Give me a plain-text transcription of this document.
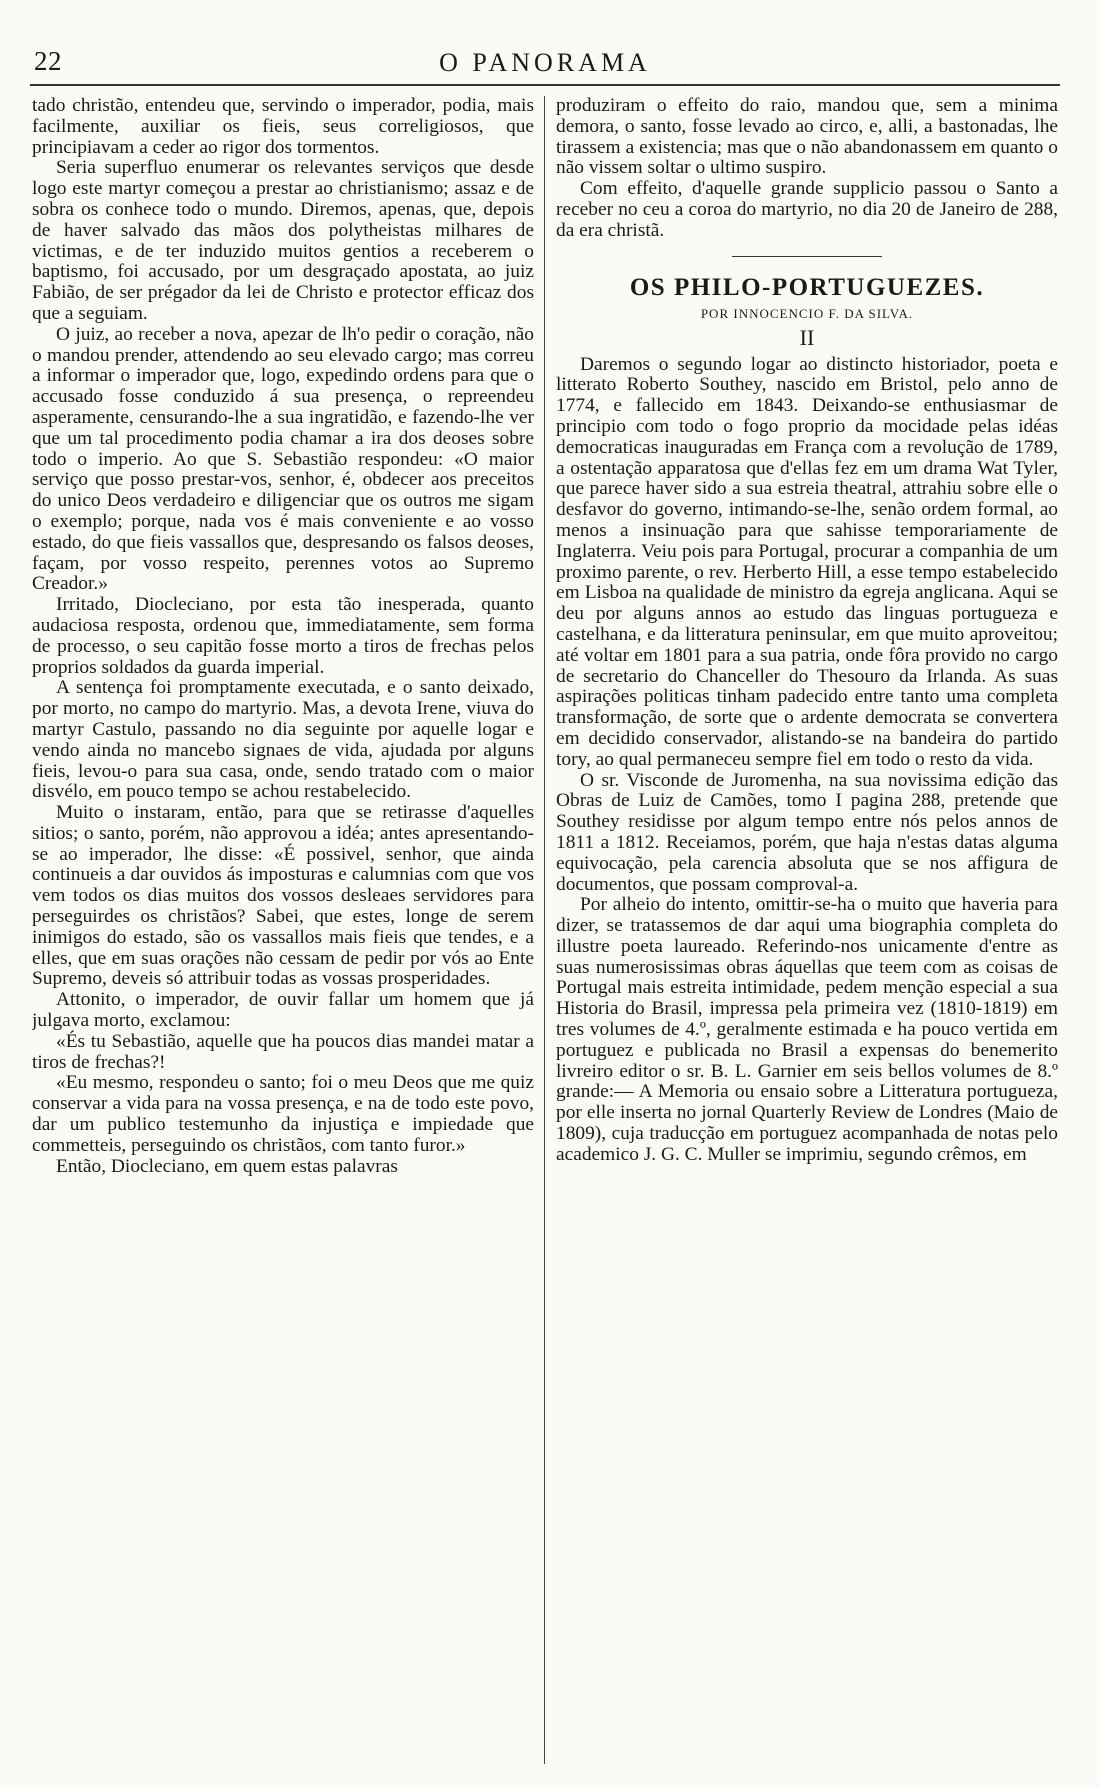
22	O PANORAMA

tado christão, entendeu que, servindo o imperador, podia, mais facilmente, auxiliar os fieis, seus correligiosos, que principiavam a ceder ao rigor dos tormentos.

Seria superfluo enumerar os relevantes serviços que desde logo este martyr começou a prestar ao christianismo; assaz e de sobra os conhece todo o mundo. Diremos, apenas, que, depois de haver salvado das mãos dos polytheistas milhares de victimas, e de ter induzido muitos gentios a receberem o baptismo, foi accusado, por um desgraçado apostata, ao juiz Fabião, de ser prégador da lei de Christo e protector efficaz dos que a seguiam.

O juiz, ao receber a nova, apezar de lh'o pedir o coração, não o mandou prender, attendendo ao seu elevado cargo; mas correu a informar o imperador que, logo, expedindo ordens para que o accusado fosse conduzido á sua presença, o repreendeu asperamente, censurando-lhe a sua ingratidão, e fazendo-lhe ver que um tal procedimento podia chamar a ira dos deoses sobre todo o imperio. Ao que S. Sebastião respondeu: «O maior serviço que posso prestar-vos, senhor, é, obdecer aos preceitos do unico Deos verdadeiro e diligenciar que os outros me sigam o exemplo; porque, nada vos é mais conveniente e ao vosso estado, do que fieis vassallos que, despresando os falsos deoses, façam, por vosso respeito, perennes votos ao Supremo Creador.»

Irritado, Diocleciano, por esta tão inesperada, quanto audaciosa resposta, ordenou que, immediatamente, sem forma de processo, o seu capitão fosse morto a tiros de frechas pelos proprios soldados da guarda imperial.

A sentença foi promptamente executada, e o santo deixado, por morto, no campo do martyrio. Mas, a devota Irene, viuva do martyr Castulo, passando no dia seguinte por aquelle logar e vendo ainda no mancebo signaes de vida, ajudada por alguns fieis, levou-o para sua casa, onde, sendo tratado com o maior disvélo, em pouco tempo se achou restabelecido.

Muito o instaram, então, para que se retirasse d'aquelles sitios; o santo, porém, não approvou a idéa; antes apresentando-se ao imperador, lhe disse: «É possivel, senhor, que ainda continueis a dar ouvidos ás imposturas e calumnias com que vos vem todos os dias muitos dos vossos desleaes servidores para perseguirdes os christãos? Sabei, que estes, longe de serem inimigos do estado, são os vassallos mais fieis que tendes, e a elles, que em suas orações não cessam de pedir por vós ao Ente Supremo, deveis só attribuir todas as vossas prosperidades.

Attonito, o imperador, de ouvir fallar um homem que já julgava morto, exclamou:

«És tu Sebastião, aquelle que ha poucos dias mandei matar a tiros de frechas?!

«Eu mesmo, respondeu o santo; foi o meu Deos que me quiz conservar a vida para na vossa presença, e na de todo este povo, dar um publico testemunho da injustiça e impiedade que commetteis, perseguindo os christãos, com tanto furor.»

Então, Diocleciano, em quem estas palavras

produziram o effeito do raio, mandou que, sem a minima demora, o santo, fosse levado ao circo, e, alli, a bastonadas, lhe tirassem a existencia; mas que o não abandonassem em quanto o não vissem soltar o ultimo suspiro.

Com effeito, d'aquelle grande supplicio passou o Santo a receber no ceu a coroa do martyrio, no dia 20 de Janeiro de 288, da era christã.

OS PHILO-PORTUGUEZES.
POR INNOCENCIO F. DA SILVA.
II

Daremos o segundo logar ao distincto historiador, poeta e litterato Roberto Southey, nascido em Bristol, pelo anno de 1774, e fallecido em 1843. Deixando-se enthusiasmar de principio com todo o fogo proprio da mocidade pelas idéas democraticas inauguradas em França com a revolução de 1789, a ostentação apparatosa que d'ellas fez em um drama Wat Tyler, que parece haver sido a sua estreia theatral, attrahiu sobre elle o desfavor do governo, intimando-se-lhe, senão ordem formal, ao menos a insinuação para que sahisse temporariamente de Inglaterra. Veiu pois para Portugal, procurar a companhia de um proximo parente, o rev. Herberto Hill, a esse tempo estabelecido em Lisboa na qualidade de ministro da egreja anglicana. Aqui se deu por alguns annos ao estudo das linguas portugueza e castelhana, e da litteratura peninsular, em que muito aproveitou; até voltar em 1801 para a sua patria, onde fôra provido no cargo de secretario do Chanceller do Thesouro da Irlanda. As suas aspirações politicas tinham padecido entre tanto uma completa transformação, de sorte que o ardente democrata se convertera em decidido conservador, alistando-se na bandeira do partido tory, ao qual permaneceu sempre fiel em todo o resto da vida.

O sr. Visconde de Juromenha, na sua novissima edição das Obras de Luiz de Camões, tomo I pagina 288, pretende que Southey residisse por algum tempo entre nós pelos annos de 1811 a 1812. Receiamos, porém, que haja n'estas datas alguma equivocação, pela carencia absoluta que se nos affigura de documentos, que possam comproval-a.

Por alheio do intento, omittir-se-ha o muito que haveria para dizer, se tratassemos de dar aqui uma biographia completa do illustre poeta laureado. Referindo-nos unicamente d'entre as suas numerosissimas obras áquellas que teem com as coisas de Portugal mais estreita intimidade, pedem menção especial a sua Historia do Brasil, impressa pela primeira vez (1810-1819) em tres volumes de 4.º, geralmente estimada e ha pouco vertida em portuguez e publicada no Brasil a expensas do benemerito livreiro editor o sr. B. L. Garnier em seis bellos volumes de 8.º grande:— A Memoria ou ensaio sobre a Litteratura portugueza, por elle inserta no jornal Quarterly Review de Londres (Maio de 1809), cuja traducção em portuguez acompanhada de notas pelo academico J. G. C. Muller se imprimiu, segundo crêmos, em
